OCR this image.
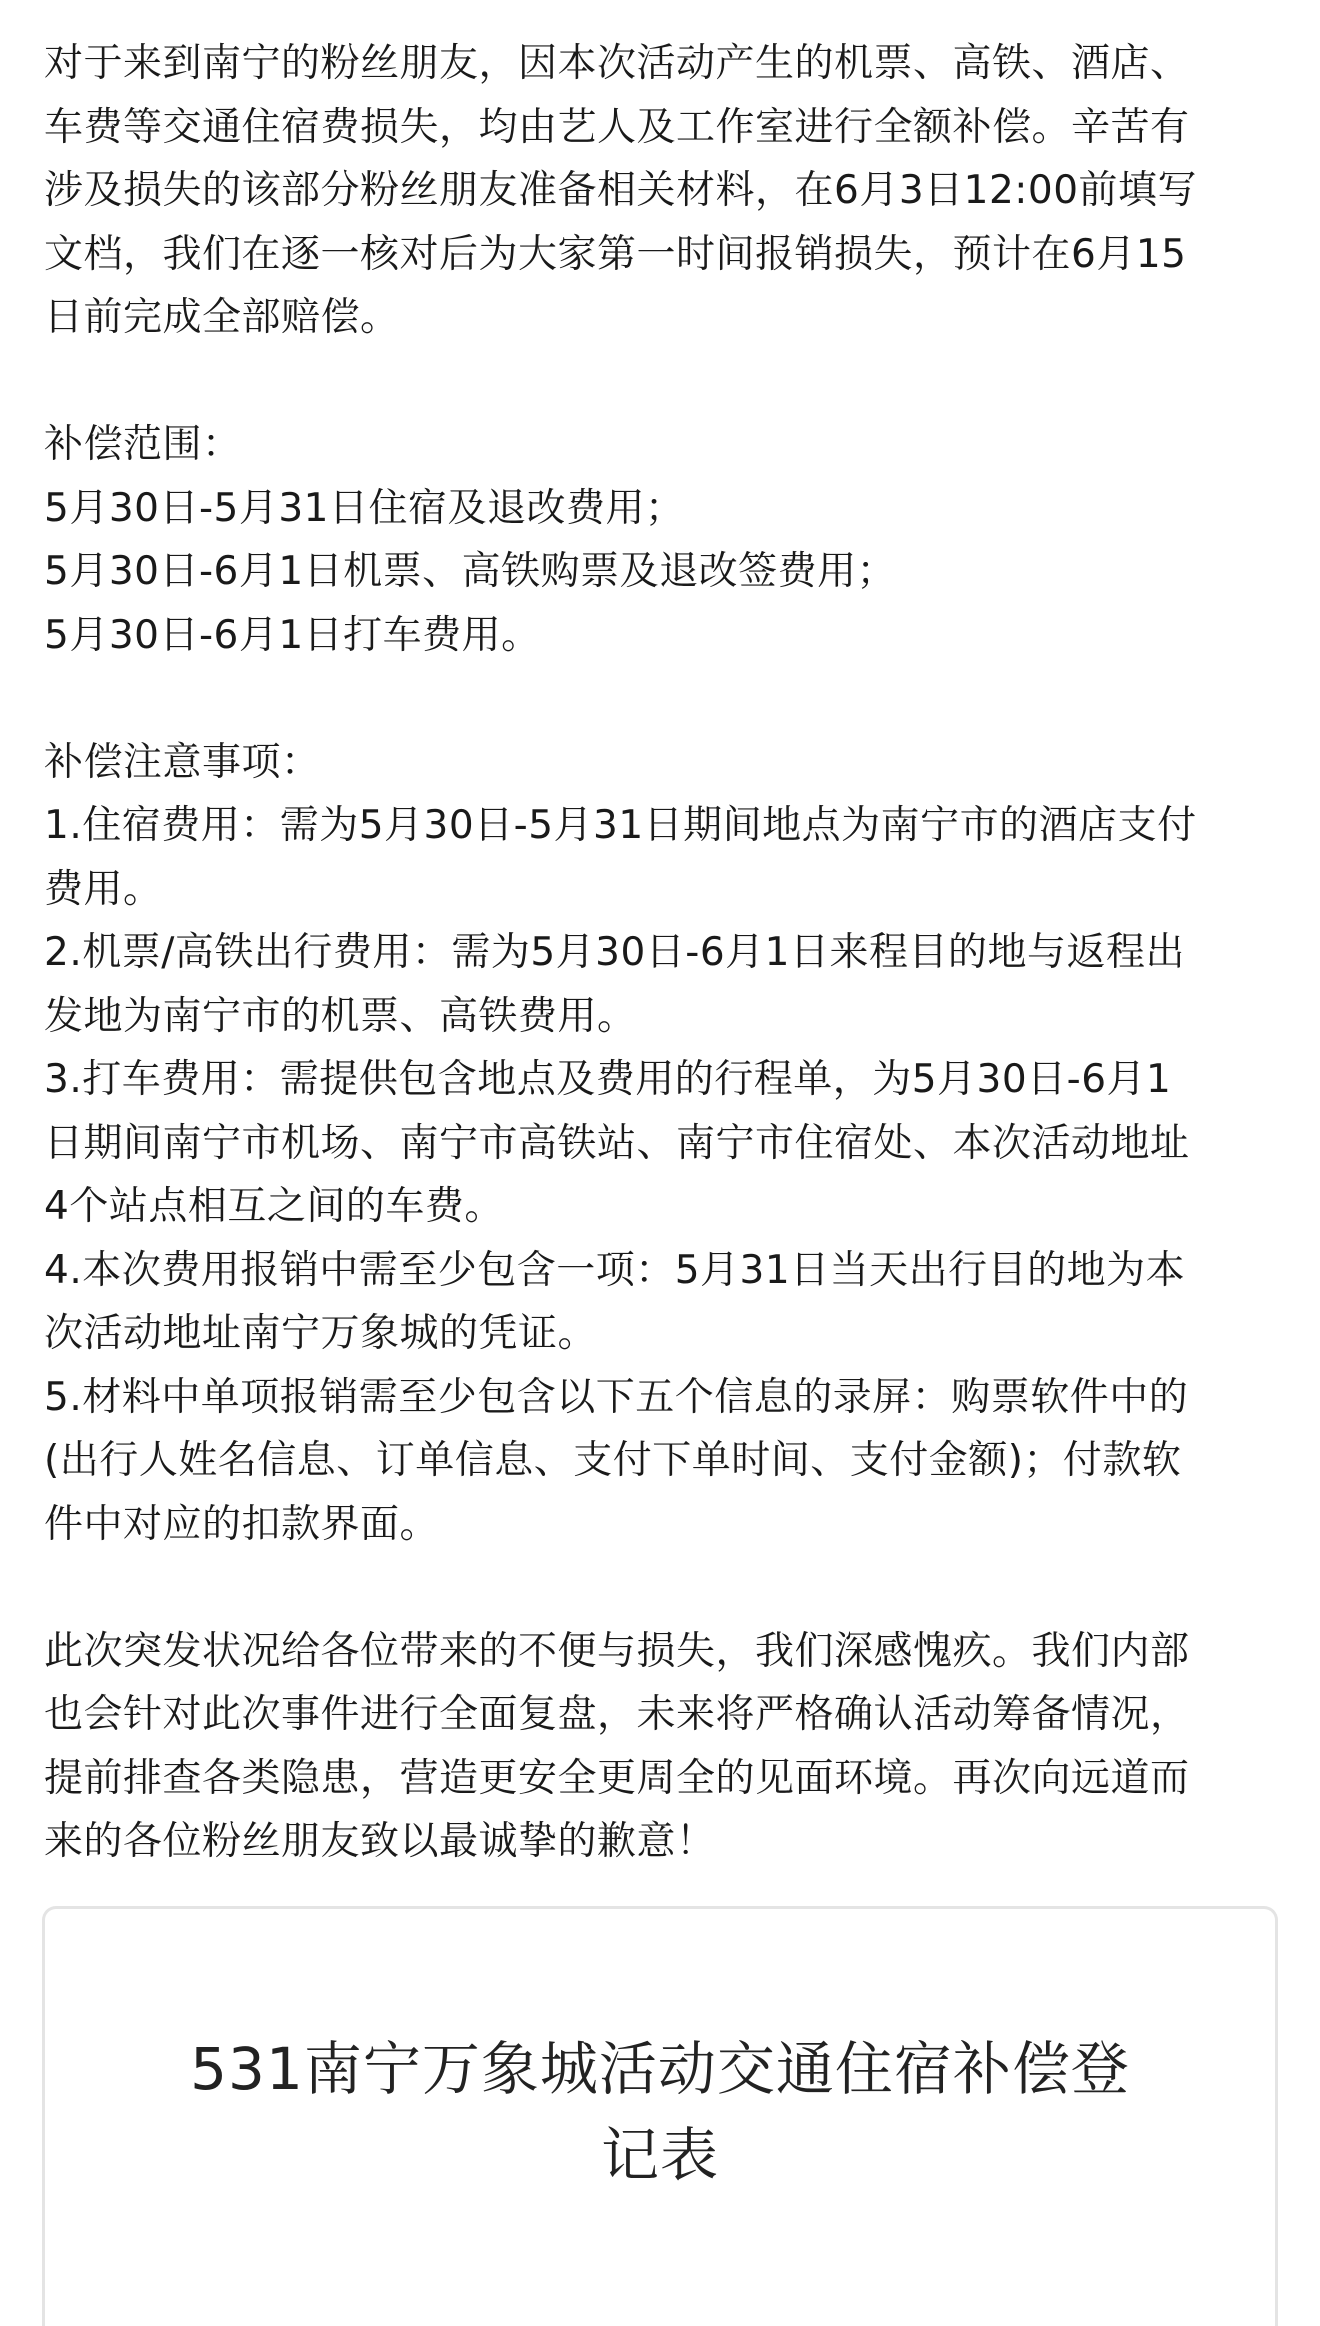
对于来到南宁的粉丝朋友，因本次活动产生的机票、高铁、酒店、
车费等交通住宿费损失，均由艺人及工作室进行全额补偿。辛苦有
涉及损失的该部分粉丝朋友准备相关材料，在6月3日12:00前填写
文档，我们在逐一核对后为大家第一时间报销损失，预计在6月15
日前完成全部赔偿。

补偿范围：
5月30日-5月31日住宿及退改费用；
5月30日-6月1日机票、高铁购票及退改签费用；
5月30日-6月1日打车费用。

补偿注意事项：
1.住宿费用：需为5月30日-5月31日期间地点为南宁市的酒店支付
费用。
2.机票/高铁出行费用：需为5月30日-6月1日来程目的地与返程出
发地为南宁市的机票、高铁费用。
3.打车费用：需提供包含地点及费用的行程单，为5月30日-6月1
日期间南宁市机场、南宁市高铁站、南宁市住宿处、本次活动地址
4个站点相互之间的车费。
4.本次费用报销中需至少包含一项：5月31日当天出行目的地为本
次活动地址南宁万象城的凭证。
5.材料中单项报销需至少包含以下五个信息的录屏：购票软件中的
(出行人姓名信息、订单信息、支付下单时间、支付金额)；付款软
件中对应的扣款界面。

此次突发状况给各位带来的不便与损失，我们深感愧疚。我们内部
也会针对此次事件进行全面复盘，未来将严格确认活动筹备情况，
提前排查各类隐患，营造更安全更周全的见面环境。再次向远道而
来的各位粉丝朋友致以最诚挚的歉意！

531南宁万象城活动交通住宿补偿登
记表
